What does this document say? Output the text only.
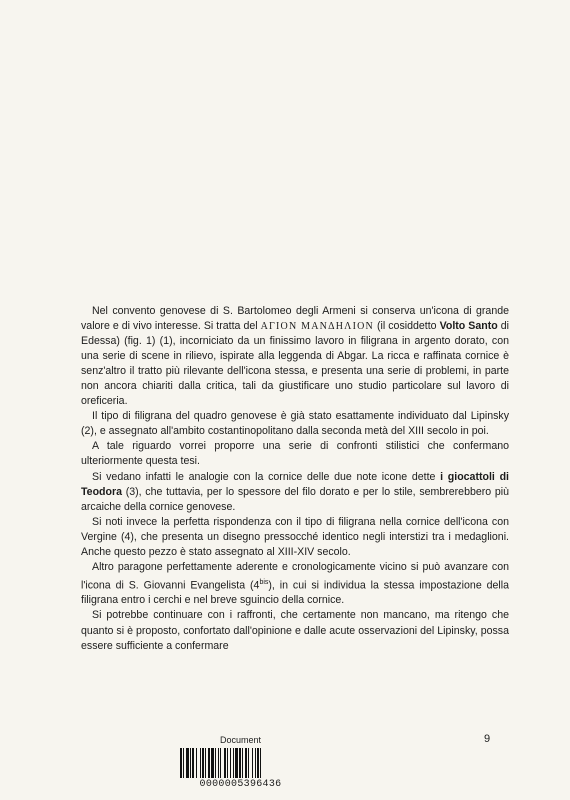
Nel convento genovese di S. Bartolomeo degli Armeni si conserva un'icona di grande valore e di vivo interesse. Si tratta del ΑΓΙΟΝ ΜΑΝΔΗΛΙΟΝ (il cosiddetto Volto Santo di Edessa) (fig. 1) (1), incorniciato da un finissimo lavoro in filigrana in argento dorato, con una serie di scene in rilievo, ispirate alla leggenda di Abgar. La ricca e raffinata cornice è senz'altro il tratto più rilevante dell'icona stessa, e presenta una serie di problemi, in parte non ancora chiariti dalla critica, tali da giustificare uno studio particolare sul lavoro di oreficeria.

Il tipo di filigrana del quadro genovese è già stato esattamente individuato dal Lipinsky (2), e assegnato all'ambito costantinopolitano dalla seconda metà del XIII secolo in poi.

A tale riguardo vorrei proporre una serie di confronti stilistici che confermano ulteriormente questa tesi.

Si vedano infatti le analogie con la cornice delle due note icone dette i giocattoli di Teodora (3), che tuttavia, per lo spessore del filo dorato e per lo stile, sembrerebbero più arcaiche della cornice genovese.

Si noti invece la perfetta rispondenza con il tipo di filigrana nella cornice dell'icona con Vergine (4), che presenta un disegno pressocché identico negli interstizi tra i medaglioni. Anche questo pezzo è stato assegnato al XIII-XIV secolo.

Altro paragone perfettamente aderente e cronologicamente vicino si può avanzare con l'icona di S. Giovanni Evangelista $(4^{bis})$, in cui si individua la stessa impostazione della filigrana entro i cerchi e nel breve sguincio della cornice.

Si potrebbe continuare con i raffronti, che certamente non mancano, ma ritengo che quanto si è proposto, confortato dall'opinione e dalle acute osservazioni del Lipinsky, possa essere sufficiente a confermare

9
Document
0000005396436
